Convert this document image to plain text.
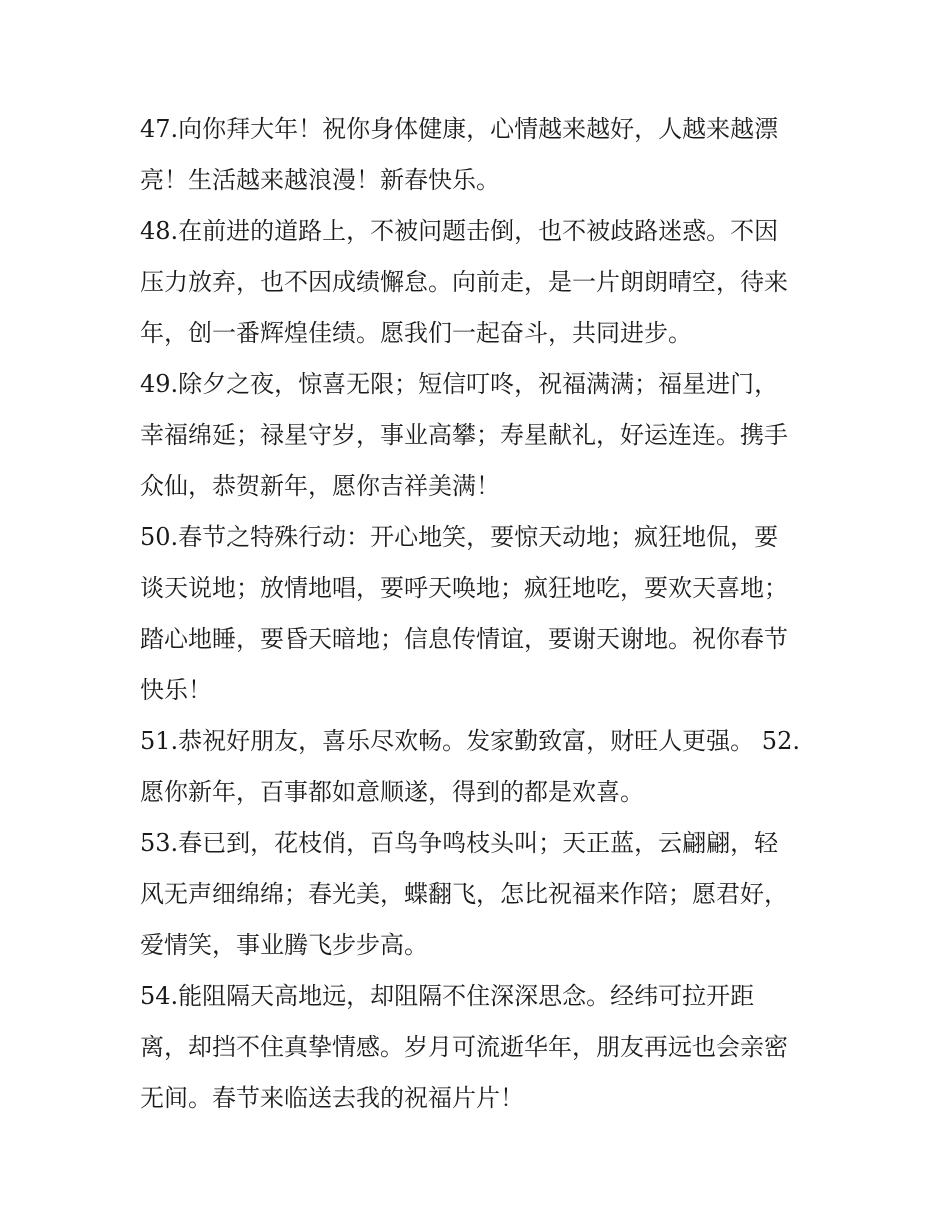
47.向你拜大年！祝你身体健康，心情越来越好，人越来越漂
亮！生活越来越浪漫！新春快乐。
48.在前进的道路上，不被问题击倒，也不被歧路迷惑。不因
压力放弃，也不因成绩懈怠。向前走，是一片朗朗晴空，待来
年，创一番辉煌佳绩。愿我们一起奋斗，共同进步。
49.除夕之夜，惊喜无限；短信叮咚，祝福满满；福星进门，
幸福绵延；禄星守岁，事业高攀；寿星献礼，好运连连。携手
众仙，恭贺新年，愿你吉祥美满！
50.春节之特殊行动：开心地笑，要惊天动地；疯狂地侃，要
谈天说地；放情地唱，要呼天唤地；疯狂地吃，要欢天喜地；
踏心地睡，要昏天暗地；信息传情谊，要谢天谢地。祝你春节
快乐！
51.恭祝好朋友，喜乐尽欢畅。发家勤致富，财旺人更强。 52.
愿你新年，百事都如意顺遂，得到的都是欢喜。
53.春已到，花枝俏，百鸟争鸣枝头叫；天正蓝，云翩翩，轻
风无声细绵绵；春光美，蝶翻飞，怎比祝福来作陪；愿君好，
爱情笑，事业腾飞步步高。
54.能阻隔天高地远，却阻隔不住深深思念。经纬可拉开距
离，却挡不住真挚情感。岁月可流逝华年，朋友再远也会亲密
无间。春节来临送去我的祝福片片！
